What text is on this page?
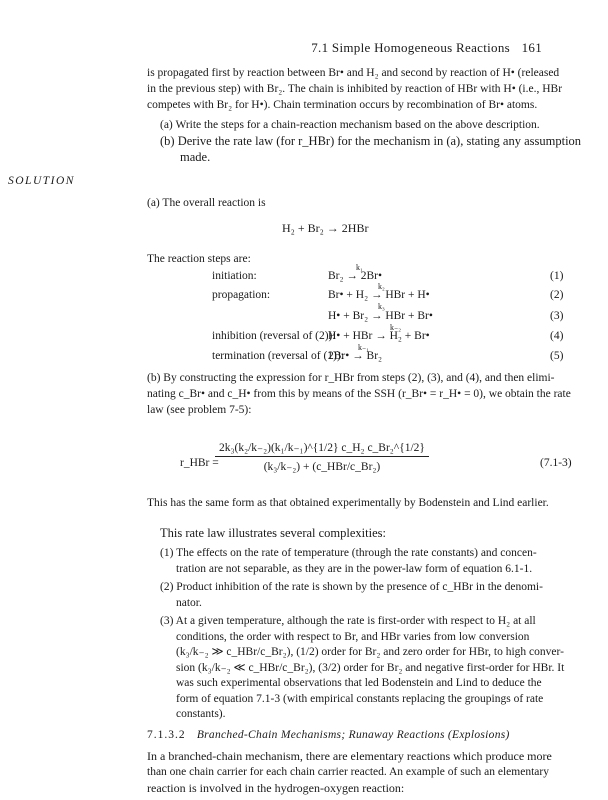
7.1 Simple Homogeneous Reactions 161
is propagated first by reaction between Br• and H₂ and second by reaction of H• (released
in the previous step) with Br₂. The chain is inhibited by reaction of HBr with H• (i.e., HBr
competes with Br₂ for H•). Chain termination occurs by recombination of Br• atoms.
(a) Write the steps for a chain-reaction mechanism based on the above description.
(b) Derive the rate law (for r_HBr) for the mechanism in (a), stating any assumption
made.
SOLUTION
(a) The overall reaction is
H₂ + Br₂ → 2HBr
The reaction steps are:
initiation:
k₁
Br₂ → 2Br•	(1)
propagation:
k₂
Br• + H₂ → HBr + H•	(2)
k₃
H• + Br₂ → HBr + Br•	(3)
inhibition (reversal of (2)):
k₋₂
H• + HBr → H₂ + Br•	(4)
termination (reversal of (1)):
k₋₁
2Br• → Br₂	(5)
(b) By constructing the expression for r_HBr from steps (2), (3), and (4), and then elimi-
nating c_Br• and c_H• from this by means of the SSH (r_Br• = r_H• = 0), we obtain the rate
law (see problem 7-5):
r_HBr =
2k₃(k₂/k₋₂)(k₁/k₋₁)^{1/2} c_H₂ c_Br₂^{1/2}
(k₃/k₋₂) + (c_HBr/c_Br₂)	(7.1-3)
This has the same form as that obtained experimentally by Bodenstein and Lind earlier.
This rate law illustrates several complexities:
(1) The effects on the rate of temperature (through the rate constants) and concen-
tration are not separable, as they are in the power-law form of equation 6.1-1.
(2) Product inhibition of the rate is shown by the presence of c_HBr in the denomi-
nator.
(3) At a given temperature, although the rate is first-order with respect to H₂ at all
conditions, the order with respect to Br, and HBr varies from low conversion
(k₃/k₋₂ ≫ c_HBr/c_Br₂), (1/2) order for Br₂ and zero order for HBr, to high conver-
sion (k₃/k₋₂ ≪ c_HBr/c_Br₂), (3/2) order for Br₂ and negative first-order for HBr. It
was such experimental observations that led Bodenstein and Lind to deduce the
form of equation 7.1-3 (with empirical constants replacing the groupings of rate
constants).
7.1.3.2 Branched-Chain Mechanisms; Runaway Reactions (Explosions)
In a branched-chain mechanism, there are elementary reactions which produce more
than one chain carrier for each chain carrier reacted. An example of such an elementary
reaction is involved in the hydrogen-oxygen reaction:
